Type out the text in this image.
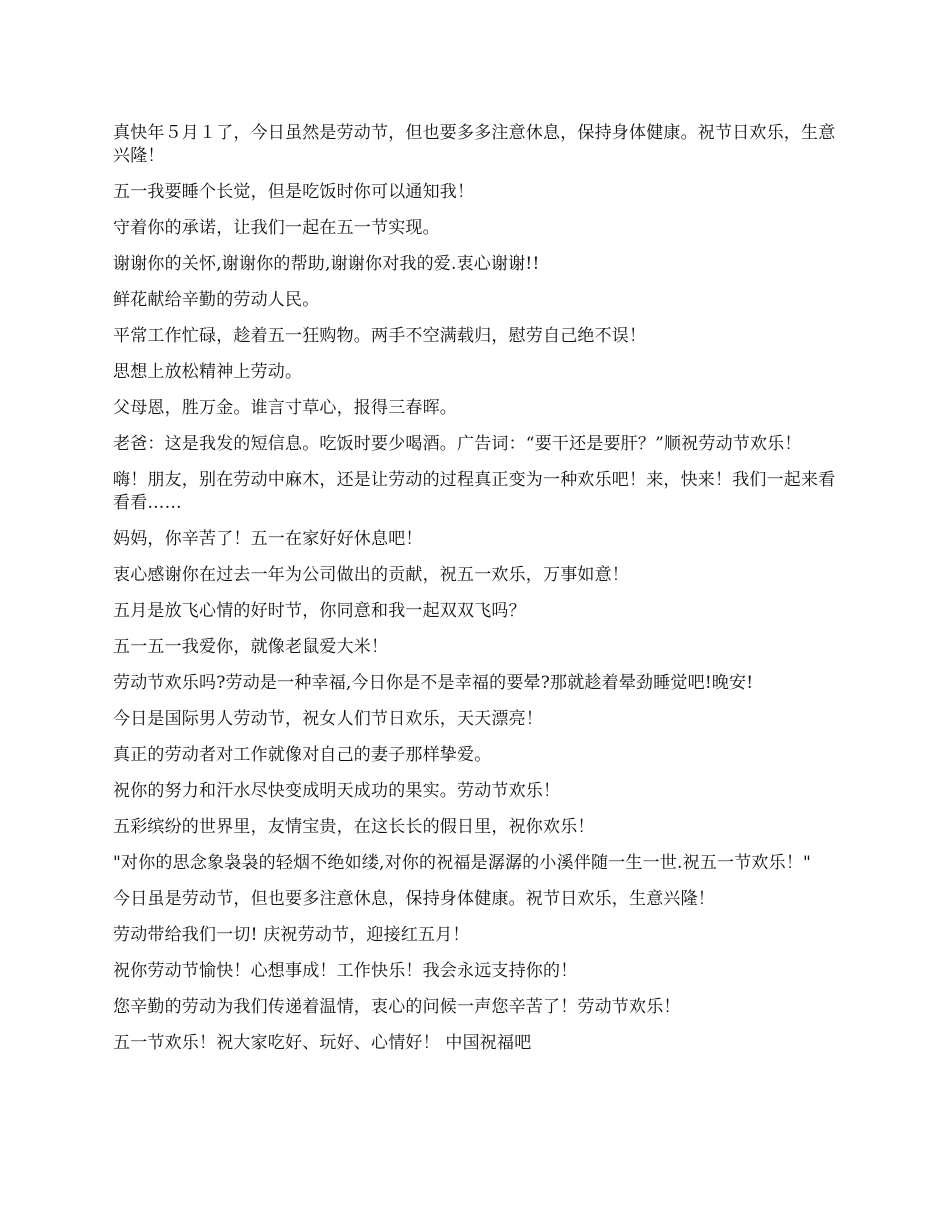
真快年５月１了，今日虽然是劳动节，但也要多多注意休息，保持身体健康。祝节日欢乐，生意兴隆！

五一我要睡个长觉，但是吃饭时你可以通知我！

守着你的承诺，让我们一起在五一节实现。

谢谢你的关怀,谢谢你的帮助,谢谢你对我的爱.衷心谢谢!!

鲜花献给辛勤的劳动人民。

平常工作忙碌，趁着五一狂购物。两手不空满载归，慰劳自己绝不误！

思想上放松精神上劳动。

父母恩，胜万金。谁言寸草心，报得三春晖。

老爸：这是我发的短信息。吃饭时要少喝酒。广告词：“要干还是要肝？”顺祝劳动节欢乐！

嗨！朋友，别在劳动中麻木，还是让劳动的过程真正变为一种欢乐吧！来，快来！我们一起来看看看……

妈妈，你辛苦了！五一在家好好休息吧！

衷心感谢你在过去一年为公司做出的贡献，祝五一欢乐，万事如意！

五月是放飞心情的好时节，你同意和我一起双双飞吗？

五一五一我爱你，就像老鼠爱大米！

劳动节欢乐吗?劳动是一种幸福,今日你是不是幸福的要晕?那就趁着晕劲睡觉吧!晚安!

今日是国际男人劳动节，祝女人们节日欢乐，天天漂亮！

真正的劳动者对工作就像对自己的妻子那样挚爱。

祝你的努力和汗水尽快变成明天成功的果实。劳动节欢乐！

五彩缤纷的世界里，友情宝贵，在这长长的假日里，祝你欢乐！

"对你的思念象袅袅的轻烟不绝如缕,对你的祝福是潺潺的小溪伴随一生一世.祝五一节欢乐！"

今日虽是劳动节，但也要多注意休息，保持身体健康。祝节日欢乐，生意兴隆！

劳动带给我们一切! 庆祝劳动节，迎接红五月！

祝你劳动节愉快！心想事成！工作快乐！我会永远支持你的！

您辛勤的劳动为我们传递着温情，衷心的问候一声您辛苦了！劳动节欢乐！

五一节欢乐！祝大家吃好、玩好、心情好！ 中国祝福吧
